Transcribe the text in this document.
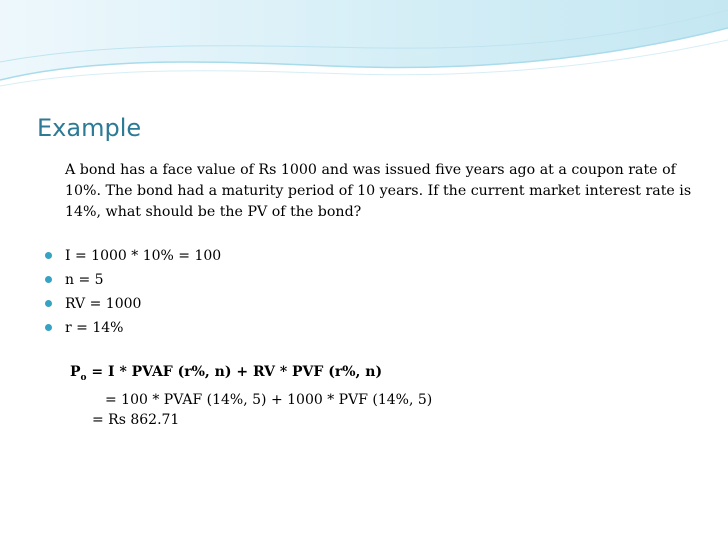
Example
A bond has a face value of Rs 1000 and was issued five years ago at a coupon rate of 10%. The bond had a maturity period of 10 years. If the current market interest rate is 14%, what should be the PV of the bond?
I = 1000 * 10% = 100
n = 5
RV = 1000
r = 14%
$P_o = I$ * PVAF (r%, n) + RV * PVF (r%, n)
= 100 * PVAF (14%, 5) + 1000 * PVF (14%, 5)
= Rs 862.71
